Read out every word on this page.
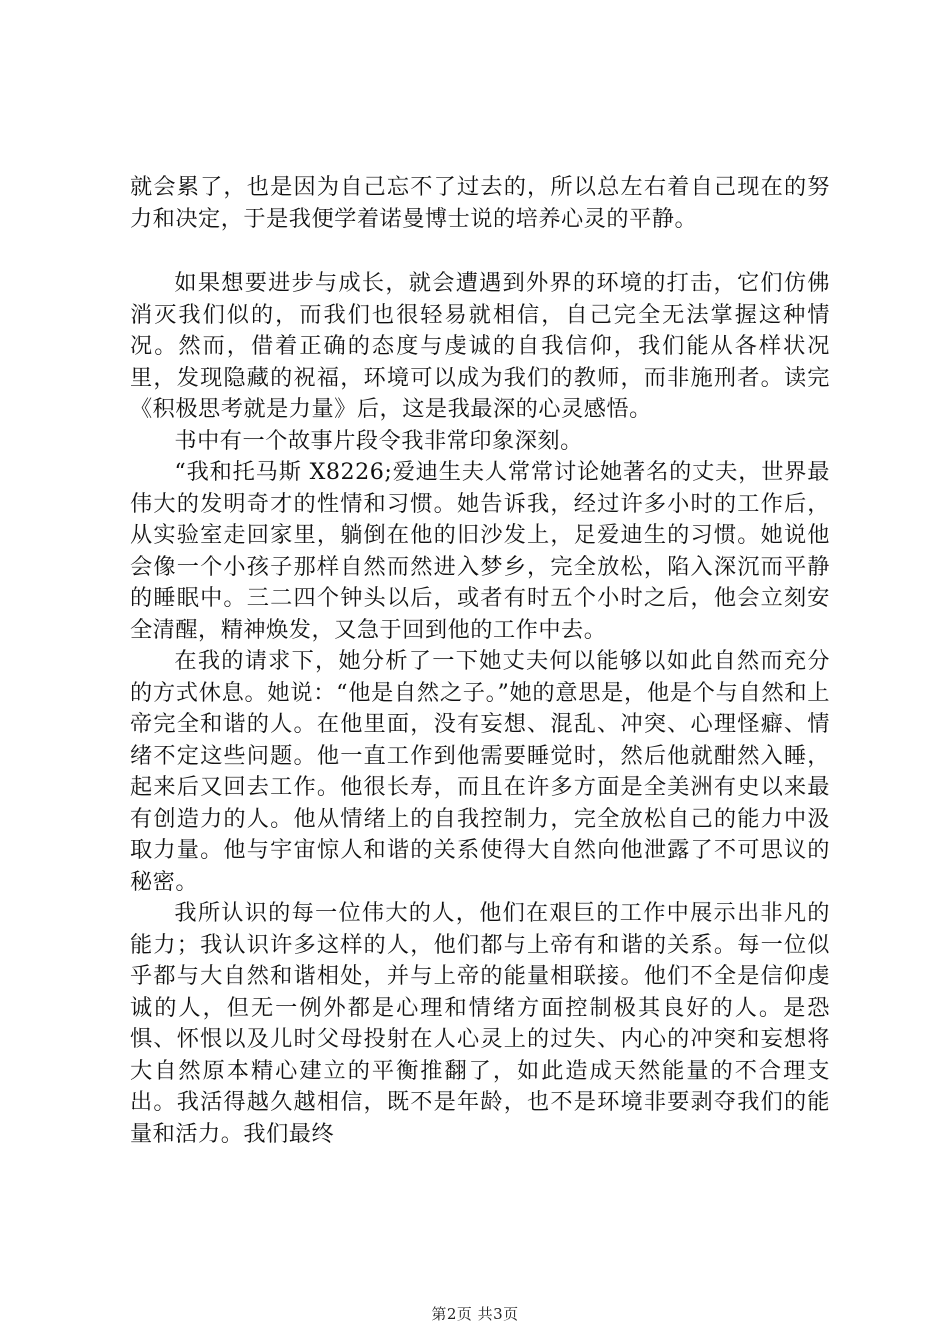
就会累了，也是因为自己忘不了过去的，所以总左右着自己现在的努力和决定，于是我便学着诺曼博士说的培养心灵的平静。

如果想要进步与成长，就会遭遇到外界的环境的打击，它们仿佛消灭我们似的，而我们也很轻易就相信，自己完全无法掌握这种情况。然而，借着正确的态度与虔诚的自我信仰，我们能从各样状况里，发现隐藏的祝福，环境可以成为我们的教师，而非施刑者。读完《积极思考就是力量》后，这是我最深的心灵感悟。

书中有一个故事片段令我非常印象深刻。

“我和托马斯 X8226;爱迪生夫人常常讨论她著名的丈夫，世界最伟大的发明奇才的性情和习惯。她告诉我，经过许多小时的工作后，从实验室走回家里，躺倒在他的旧沙发上，足爱迪生的习惯。她说他会像一个小孩子那样自然而然进入梦乡，完全放松，陷入深沉而平静的睡眠中。三二四个钟头以后，或者有时五个小时之后，他会立刻安全清醒，精神焕发，又急于回到他的工作中去。

在我的请求下，她分析了一下她丈夫何以能够以如此自然而充分的方式休息。她说：“他是自然之子。”她的意思是，他是个与自然和上帝完全和谐的人。在他里面，没有妄想、混乱、冲突、心理怪癖、情绪不定这些问题。他一直工作到他需要睡觉时，然后他就酣然入睡，起来后又回去工作。他很长寿，而且在许多方面是全美洲有史以来最有创造力的人。他从情绪上的自我控制力，完全放松自己的能力中汲取力量。他与宇宙惊人和谐的关系使得大自然向他泄露了不可思议的秘密。

我所认识的每一位伟大的人，他们在艰巨的工作中展示出非凡的能力；我认识许多这样的人，他们都与上帝有和谐的关系。每一位似乎都与大自然和谐相处，并与上帝的能量相联接。他们不全是信仰虔诚的人，但无一例外都是心理和情绪方面控制极其良好的人。是恐惧、怀恨以及儿时父母投射在人心灵上的过失、内心的冲突和妄想将大自然原本精心建立的平衡推翻了，如此造成天然能量的不合理支出。我活得越久越相信，既不是年龄，也不是环境非要剥夺我们的能量和活力。我们最终

第2页 共3页
